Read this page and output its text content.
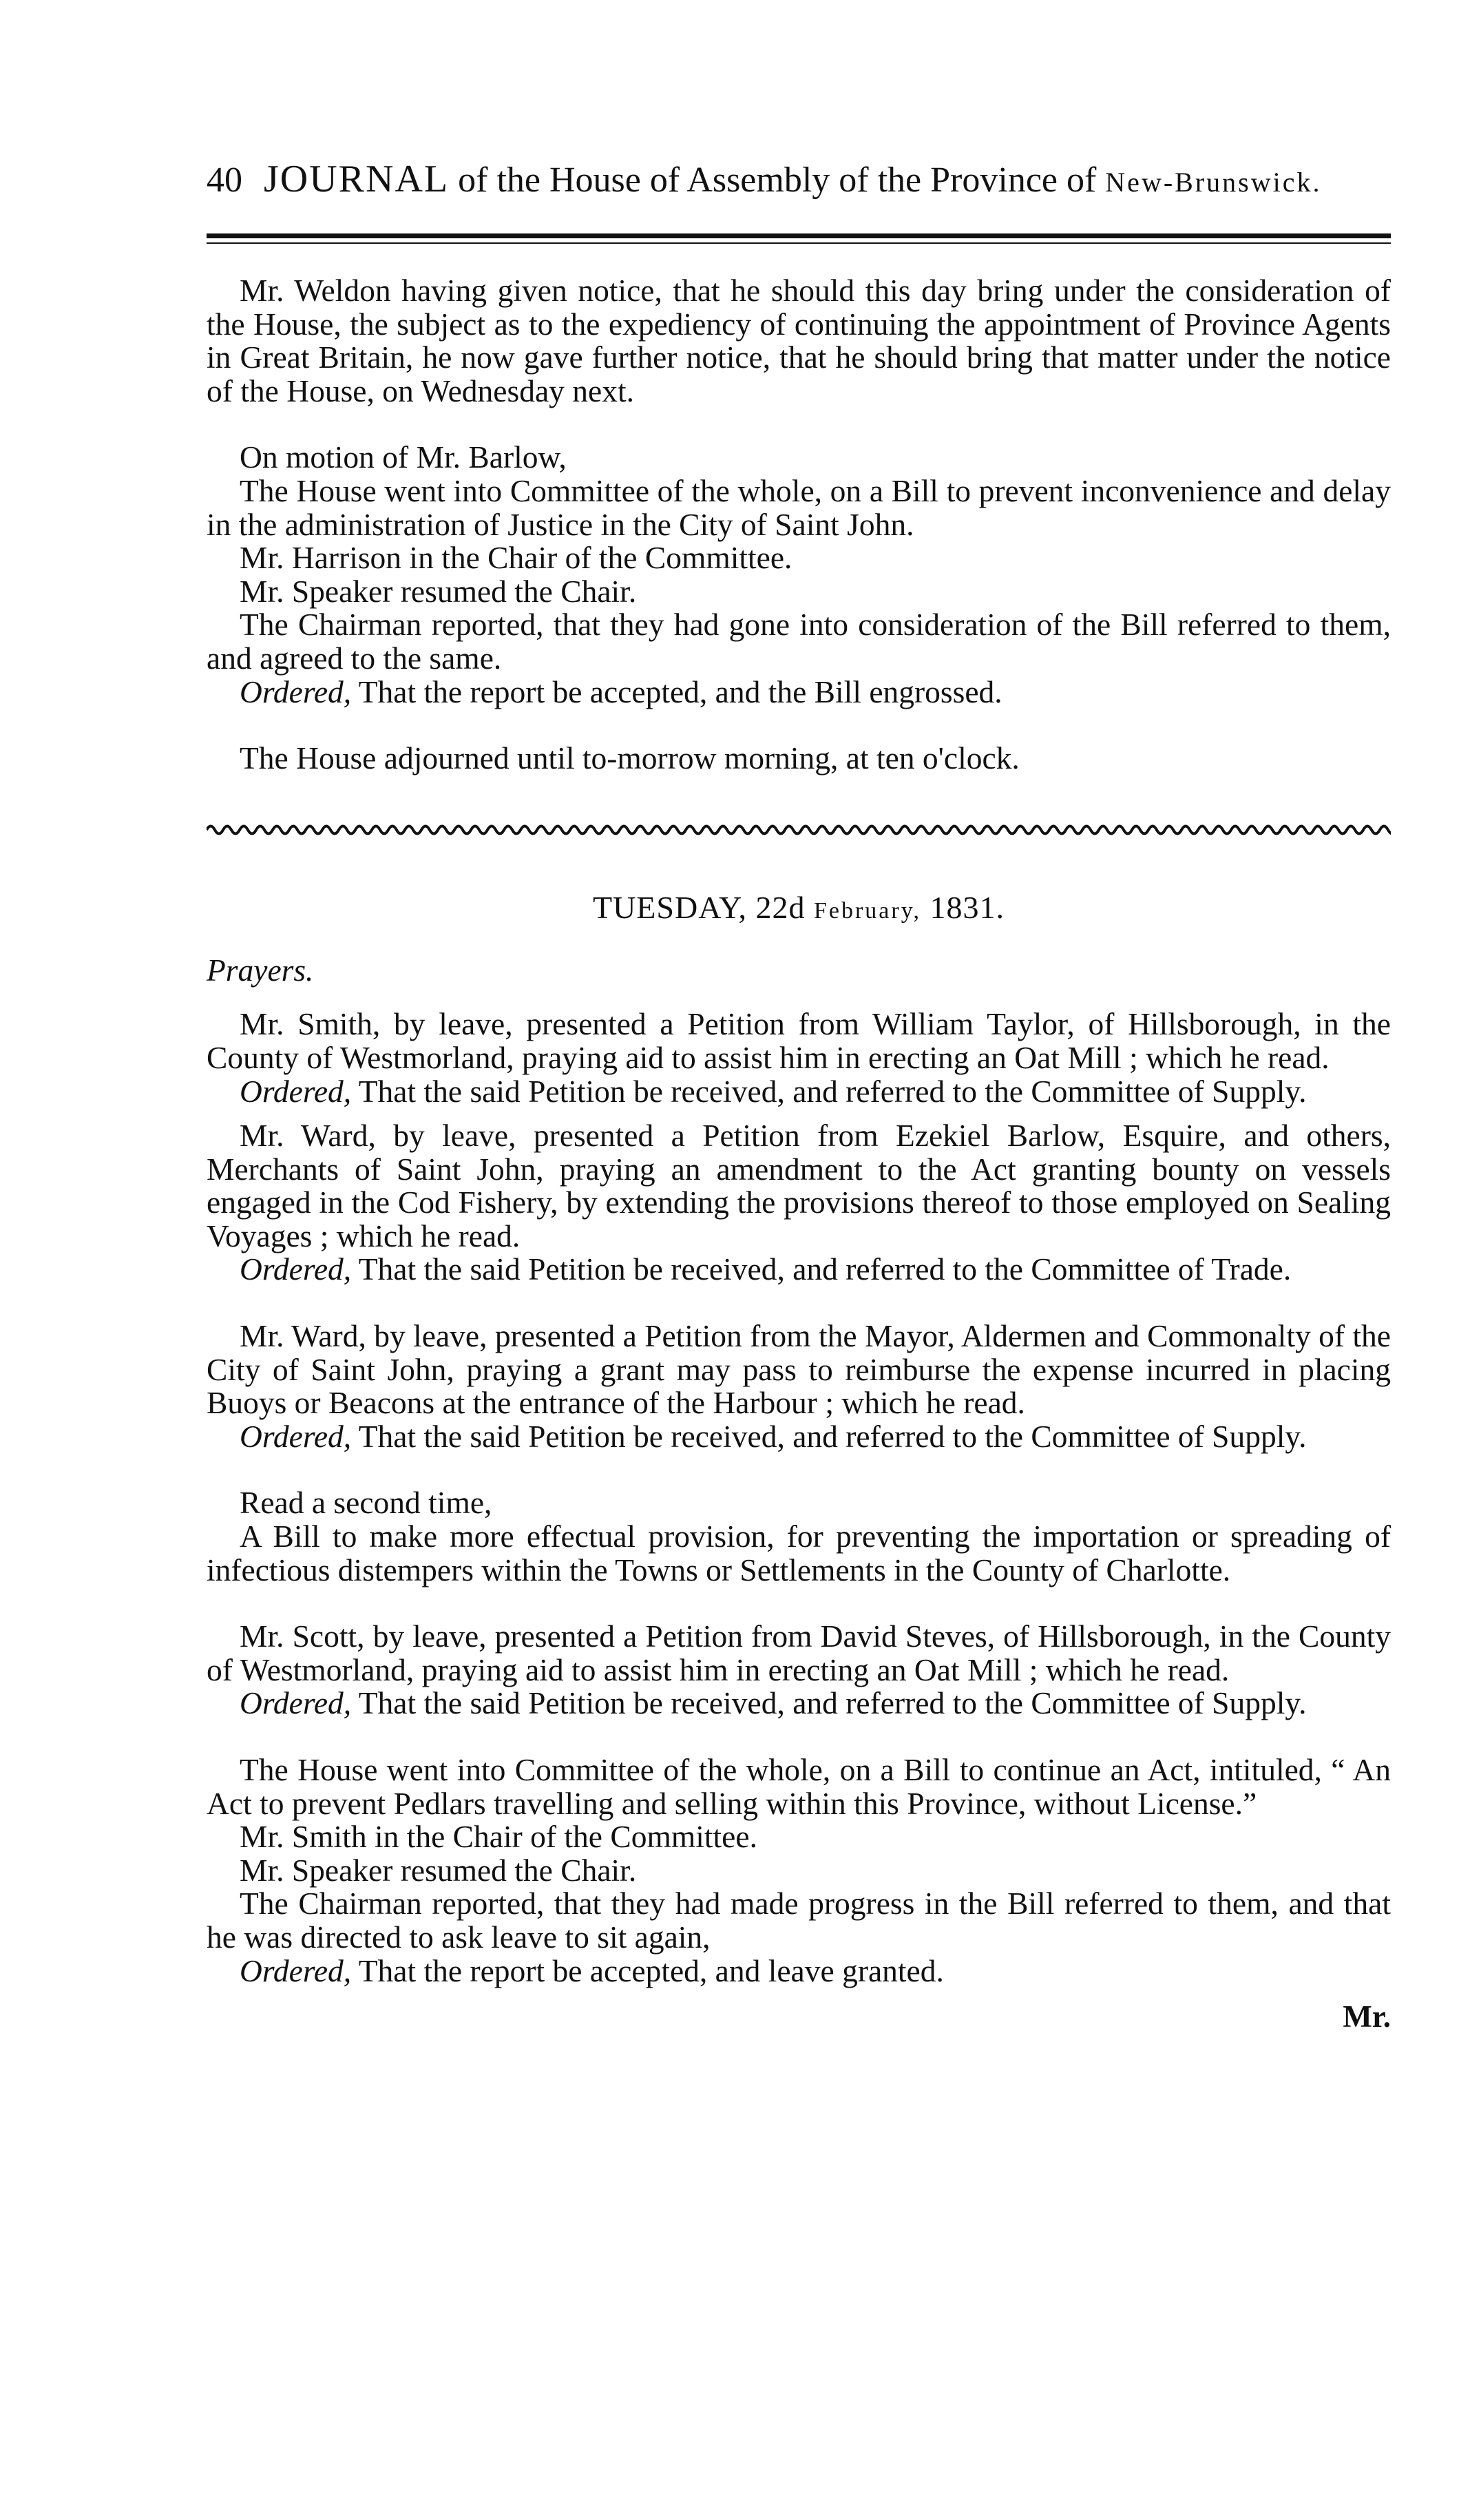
40 JOURNAL of the House of Assembly of the Province of New-Brunswick.

Mr. Weldon having given notice, that he should this day bring under the consideration of the House, the subject as to the expediency of continuing the appointment of Province Agents in Great Britain, he now gave further notice, that he should bring that matter under the notice of the House, on Wednesday next.

On motion of Mr. Barlow,

The House went into Committee of the whole, on a Bill to prevent inconvenience and delay in the administration of Justice in the City of Saint John.

Mr. Harrison in the Chair of the Committee.

Mr. Speaker resumed the Chair.

The Chairman reported, that they had gone into consideration of the Bill referred to them, and agreed to the same.

Ordered, That the report be accepted, and the Bill engrossed.

The House adjourned until to-morrow morning, at ten o'clock.

TUESDAY, 22d February, 1831.

Prayers.

Mr. Smith, by leave, presented a Petition from William Taylor, of Hillsborough, in the County of Westmorland, praying aid to assist him in erecting an Oat Mill ; which he read.

Ordered, That the said Petition be received, and referred to the Committee of Supply.

Mr. Ward, by leave, presented a Petition from Ezekiel Barlow, Esquire, and others, Merchants of Saint John, praying an amendment to the Act granting bounty on vessels engaged in the Cod Fishery, by extending the provisions thereof to those employed on Sealing Voyages ; which he read.

Ordered, That the said Petition be received, and referred to the Committee of Trade.

Mr. Ward, by leave, presented a Petition from the Mayor, Aldermen and Commonalty of the City of Saint John, praying a grant may pass to reimburse the expense incurred in placing Buoys or Beacons at the entrance of the Harbour ; which he read.

Ordered, That the said Petition be received, and referred to the Committee of Supply.

Read a second time,

A Bill to make more effectual provision, for preventing the importation or spreading of infectious distempers within the Towns or Settlements in the County of Charlotte.

Mr. Scott, by leave, presented a Petition from David Steves, of Hillsborough, in the County of Westmorland, praying aid to assist him in erecting an Oat Mill ; which he read.

Ordered, That the said Petition be received, and referred to the Committee of Supply.

The House went into Committee of the whole, on a Bill to continue an Act, intituled, “ An Act to prevent Pedlars travelling and selling within this Province, without License.”

Mr. Smith in the Chair of the Committee.

Mr. Speaker resumed the Chair.

The Chairman reported, that they had made progress in the Bill referred to them, and that he was directed to ask leave to sit again,

Ordered, That the report be accepted, and leave granted.

Mr.
